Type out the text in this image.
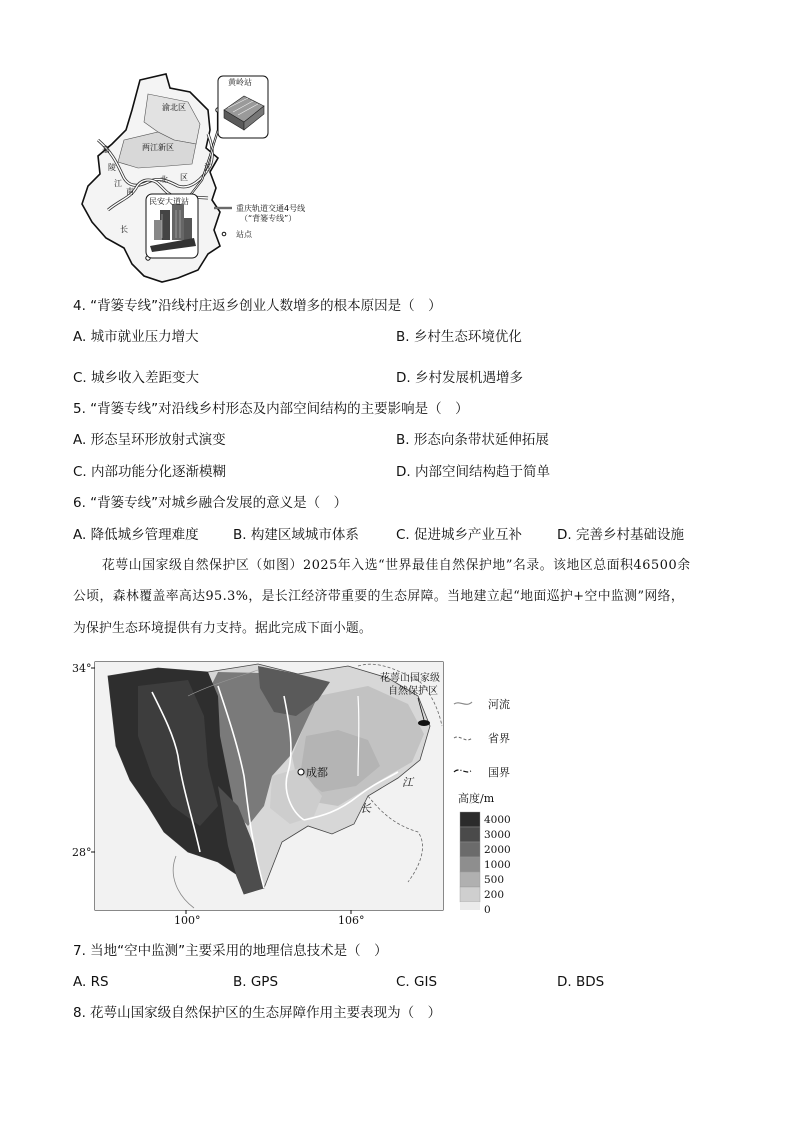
黄岭站
渝北区
两江新区
嘉
陵
江
江
北 区
南
长
民安大道站
重庆轨道交通4号线
（“背篓专线”）
站点
4. “背篓专线”沿线村庄返乡创业人数增多的根本原因是（　）
A. 城市就业压力增大	B. 乡村生态环境优化
C. 城乡收入差距变大	D. 乡村发展机遇增多
5. “背篓专线”对沿线乡村形态及内部空间结构的主要影响是（　）
A. 形态呈环形放射式演变	B. 形态向条带状延伸拓展
C. 内部功能分化逐渐模糊	D. 内部空间结构趋于简单
6. “背篓专线”对城乡融合发展的意义是（　）
A. 降低城乡管理难度	B. 构建区域城市体系	C. 促进城乡产业互补	D. 完善乡村基础设施
花萼山国家级自然保护区（如图）2025年入选“世界最佳自然保护地”名录。该地区总面积46500余
公顷，森林覆盖率高达95.3%，是长江经济带重要的生态屏障。当地建立起“地面巡护+空中监测”网络，
为保护生态环境提供有力支持。据此完成下面小题。
成都
花萼山国家级
自然保护区
长
江
34°
28°
100°	106°
河流
省界
国界
高度/m
4000
3000
2000
1000
500
200
0
7. 当地“空中监测”主要采用的地理信息技术是（　）
A. RS	B. GPS	C. GIS	D. BDS
8. 花萼山国家级自然保护区的生态屏障作用主要表现为（　）
